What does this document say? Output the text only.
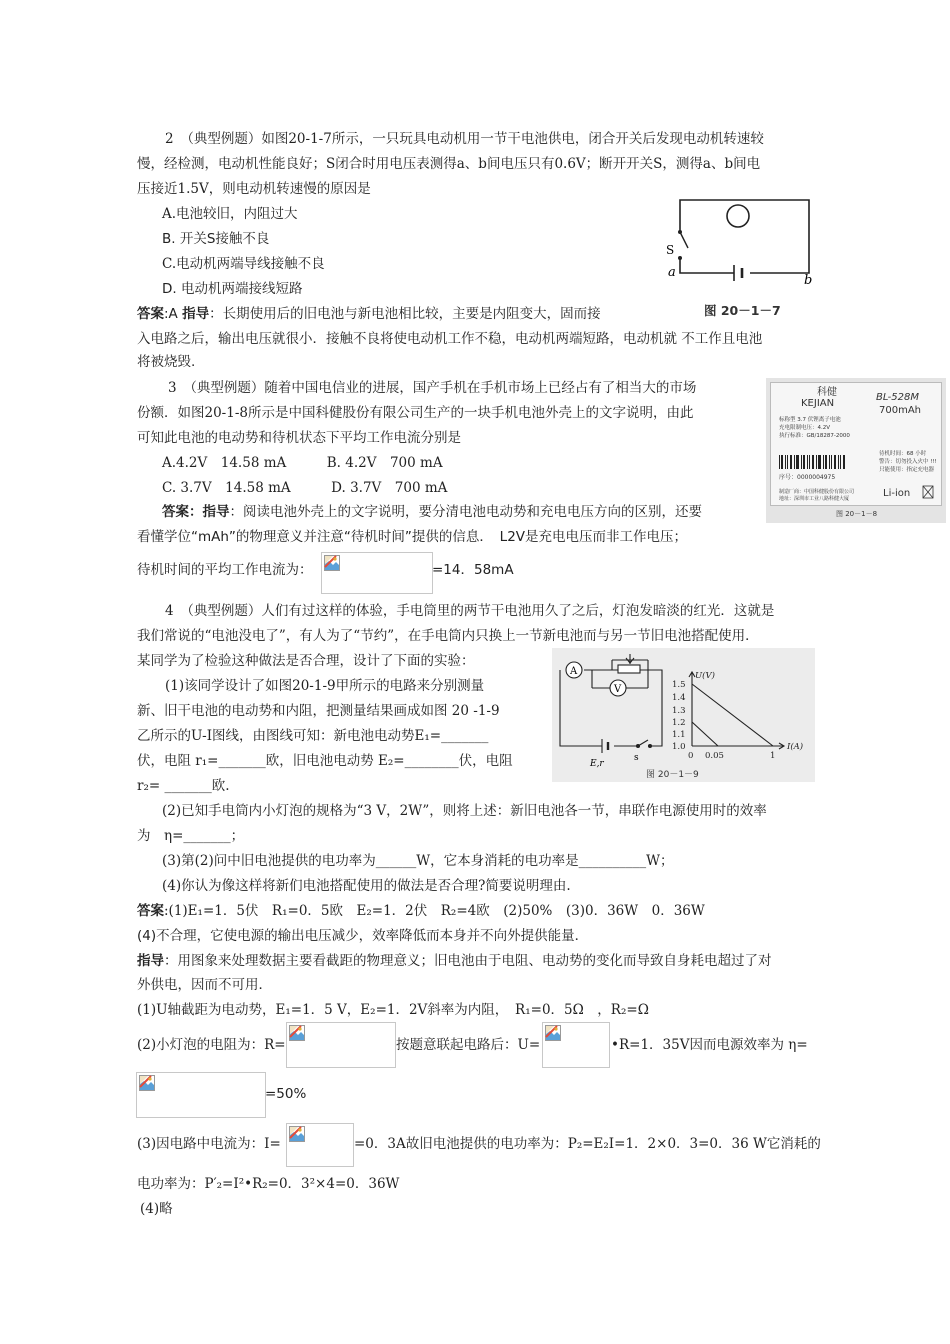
2　（典型例题）如图20-1-7所示，一只玩具电动机用一节干电池供电，闭合开关后发现电动机转速较
慢，经检测，电动机性能良好；S闭合时用电压表测得a、b间电压只有0.6V；断开开关S，测得a、b间电
压接近1.5V，则电动机转速慢的原因是
A.电池较旧，内阻过大
B. 开关S接触不良
C.电动机两端导线接触不良
D. 电动机两端接线短路
答案:A 指导：长期使用后的旧电池与新电池相比较，主要是内阻变大，固而接
入电路之后，输出电压就很小．接触不良将使电动机工作不稳，电动机两端短路，电动机就 不工作且电池
将被烧毁.
S
a
b
图 20－1－7
3　（典型例题）随着中国电信业的进展，国产手机在手机市场上已经占有了相当大的市场
份额．如图20-1-8所示是中国科健股份有限公司生产的一块手机电池外壳上的文字说明，由此
可知此电池的电动势和待机状态下平均工作电流分别是
A.4.2V　14.58 mA　　　B. 4.2V　700 mA
C. 3.7V　14.58 mA　　　D. 3.7V　700 mA
答案：指导：阅读电池外壳上的文字说明，要分清电池电动势和充电电压方向的区别，还要
看懂学位“mAh”的物理意义并注意“待机时间”提供的信息．　L2V是充电电压而非工作电压；
待机时间的平均工作电流为：	=14．58mA
科健
KEJIAN
BL-528M
700mAh
标称型 3.7 伏锂离子电池
充电限制电压：4.2V
执行标准：GB/18287-2000
待机时间：68 小时
警告：切勿投入火中 !!!
只能使用：指定充电器
序号：0000004975
制造厂商：中国科健股份有限公司
地址：深圳市工业八路科健大厦	Li-ion
图 20－1－8
4　（典型例题）人们有过这样的体验，手电筒里的两节干电池用久了之后，灯泡发暗淡的红光．这就是
我们常说的“电池没电了”，有人为了“节约”，在手电筒内只换上一节新电池而与另一节旧电池搭配使用．
某同学为了检验这种做法是否合理，设计了下面的实验：
(1)该同学设计了如图20-1-9甲所示的电路来分别测量
新、旧干电池的电动势和内阻，把测量结果画成如图 20 -1-9
乙所示的U-I图线，由图线可知：新电池电动势E₁=_______
伏，电阻 r₁=_______欧，旧电池电动势 E₂=________伏，电阻
r₂= _______欧.
A
V
E,r
s
U(V)
I(A)
1.5
1.4
1.3
1.2
1.1
1.0
0 0.05	1
图 20－1－9
(2)已知手电筒内小灯泡的规格为“3 V，2W”，则将上述：新旧电池各一节，串联作电源使用时的效率
为　η=_______；
(3)第(2)问中旧电池提供的电功率为______W，它本身消耗的电功率是__________W；
(4)你认为像这样将新们电池搭配使用的做法是否合理?简要说明理由.
答案:(1)E₁=1．5伏　R₁=0．5欧　E₂=1．2伏　R₂=4欧　(2)50%　(3)0．36W　0．36W
(4)不合理，它使电源的输出电压减少，效率降低而本身并不向外提供能量．
指导：用图象来处理数据主要看截距的物理意义；旧电池由于电阻、电动势的变化而导致自身耗电超过了对
外供电，因而不可用．
(1)U轴截距为电动势，E₁=1．5 V，E₂=1．2V斜率为内阻，　R₁=0．5Ω　，R₂=Ω
(2)小灯泡的电阻为：R=	按题意联起电路后：U=	•R=1．35V因而电源效率为 η=
=50%
(3)因电路中电流为：I=	=0．3A故旧电池提供的电功率为：P₂=E₂I=1．2×0．3=0．36 W它消耗的
电功率为：P′₂=I²•R₂=0．3²×4=0．36W
(4)略
